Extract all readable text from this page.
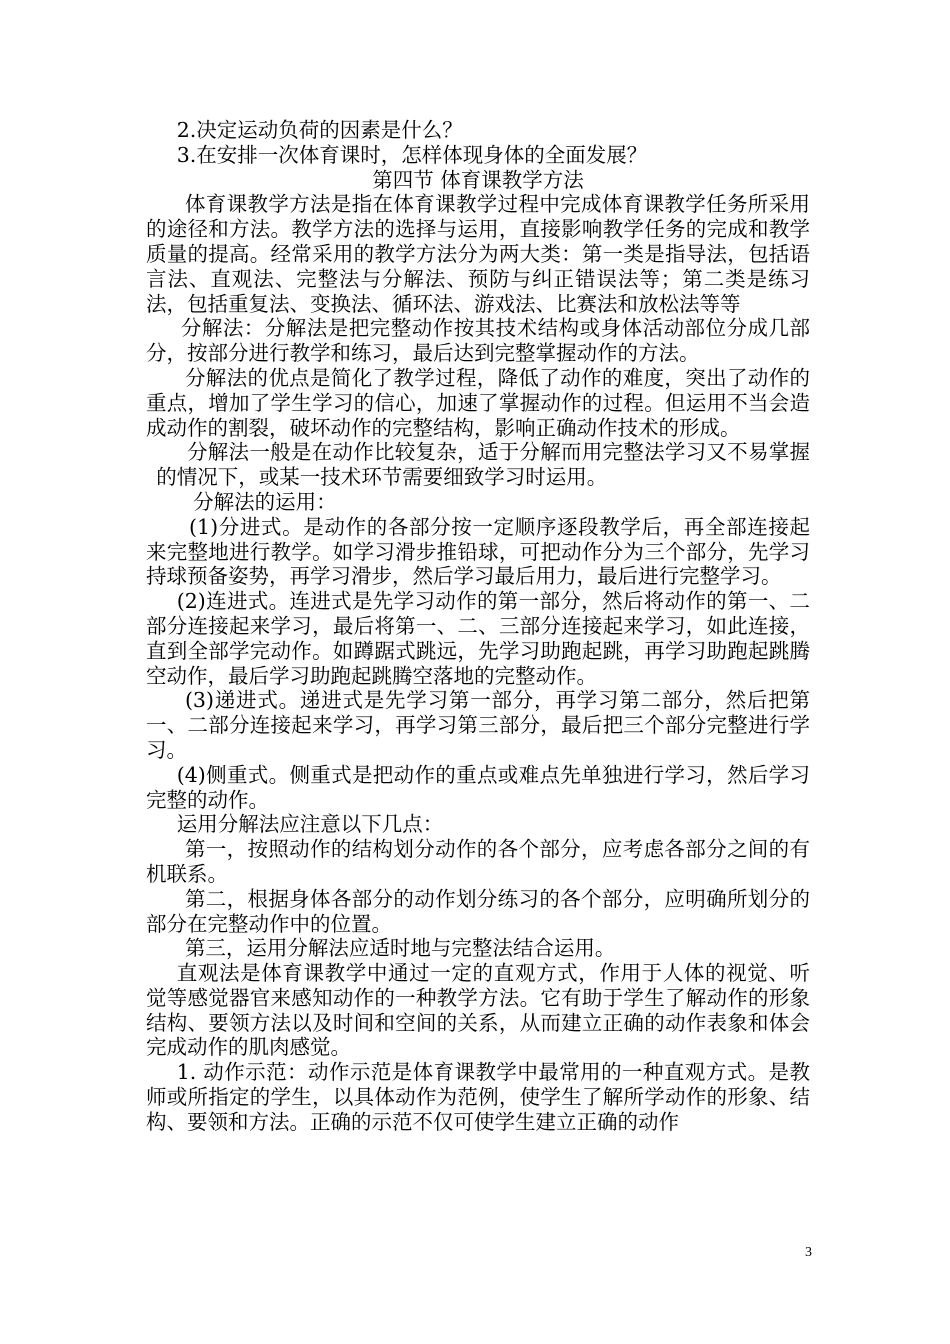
2.决定运动负荷的因素是什么？

3.在安排一次体育课时，怎样体现身体的全面发展？

第四节 体育课教学方法

体育课教学方法是指在体育课教学过程中完成体育课教学任务所采用的途径和方法。教学方法的选择与运用，直接影响教学任务的完成和教学质量的提高。经常采用的教学方法分为两大类：第一类是指导法，包括语言法、直观法、完整法与分解法、预防与纠正错误法等；第二类是练习法，包括重复法、变换法、循环法、游戏法、比赛法和放松法等等

分解法：分解法是把完整动作按其技术结构或身体活动部位分成几部分，按部分进行教学和练习，最后达到完整掌握动作的方法。

分解法的优点是简化了教学过程，降低了动作的难度，突出了动作的重点，增加了学生学习的信心，加速了掌握动作的过程。但运用不当会造成动作的割裂，破坏动作的完整结构，影响正确动作技术的形成。

分解法一般是在动作比较复杂，适于分解而用完整法学习又不易掌握的情况下，或某一技术环节需要细致学习时运用。

分解法的运用：

(1)分进式。是动作的各部分按一定顺序逐段教学后，再全部连接起来完整地进行教学。如学习滑步推铅球，可把动作分为三个部分，先学习持球预备姿势，再学习滑步，然后学习最后用力，最后进行完整学习。

(2)连进式。连进式是先学习动作的第一部分，然后将动作的第一、二部分连接起来学习，最后将第一、二、三部分连接起来学习，如此连接，直到全部学完动作。如蹲踞式跳远，先学习助跑起跳，再学习助跑起跳腾空动作，最后学习助跑起跳腾空落地的完整动作。

(3)递进式。递进式是先学习第一部分，再学习第二部分，然后把第一、二部分连接起来学习，再学习第三部分，最后把三个部分完整进行学习。

(4)侧重式。侧重式是把动作的重点或难点先单独进行学习，然后学习完整的动作。

运用分解法应注意以下几点：

第一，按照动作的结构划分动作的各个部分，应考虑各部分之间的有机联系。

第二，根据身体各部分的动作划分练习的各个部分，应明确所划分的部分在完整动作中的位置。

第三，运用分解法应适时地与完整法结合运用。

直观法是体育课教学中通过一定的直观方式，作用于人体的视觉、听觉等感觉器官来感知动作的一种教学方法。它有助于学生了解动作的形象结构、要领方法以及时间和空间的关系，从而建立正确的动作表象和体会完成动作的肌肉感觉。

1. 动作示范：动作示范是体育课教学中最常用的一种直观方式。是教师或所指定的学生，以具体动作为范例，使学生了解所学动作的形象、结构、要领和方法。正确的示范不仅可使学生建立正确的动作

3
